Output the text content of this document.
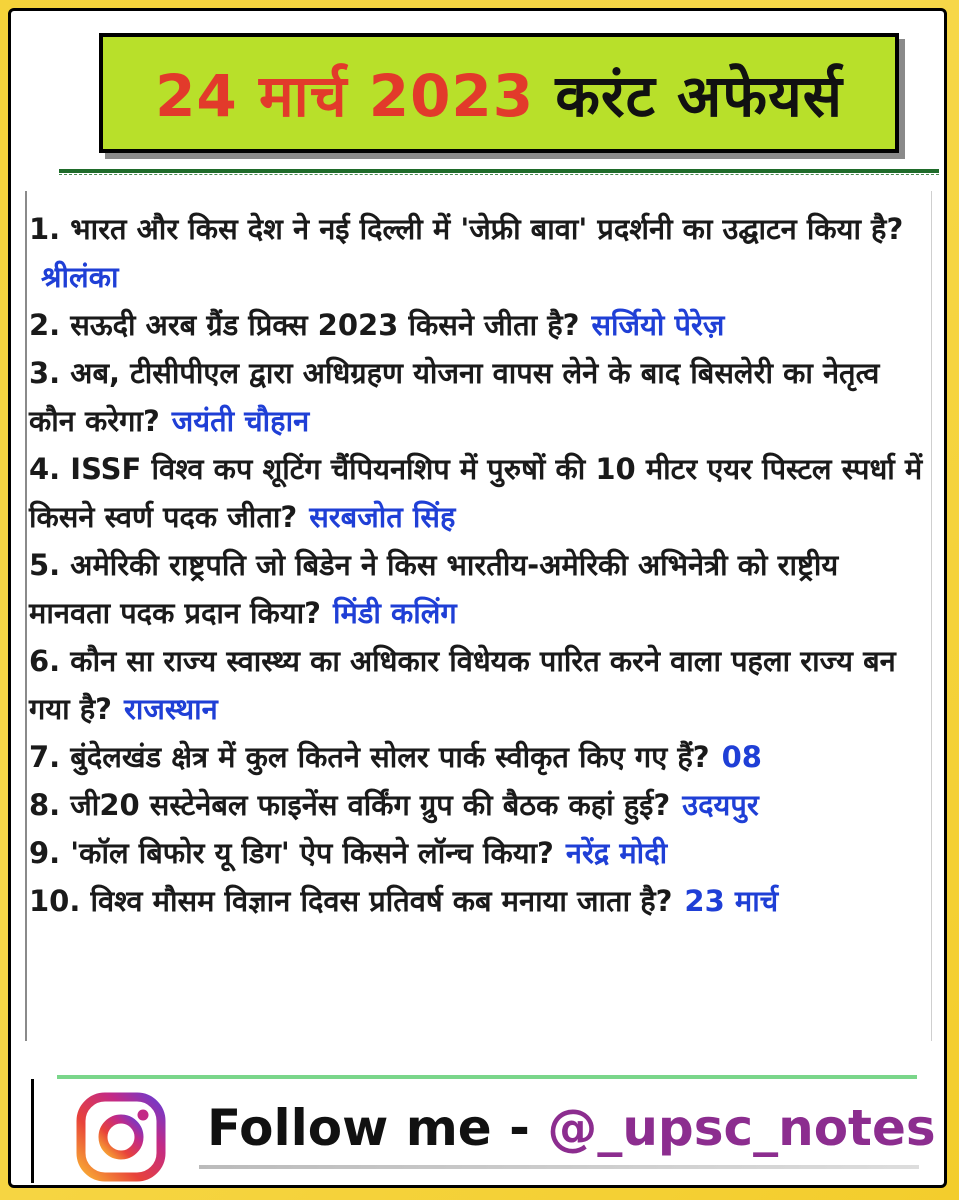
24 मार्च 2023 करंट अफेयर्स
1. भारत और किस देश ने नई दिल्ली में 'जेफ्री बावा' प्रदर्शनी का उद्घाटन किया है?श्रीलंका
2. सऊदी अरब ग्रैंड प्रिक्स 2023 किसने जीता है? सर्जियो पेरेज़
3. अब, टीसीपीएल द्वारा अधिग्रहण योजना वापस लेने के बाद बिसलेरी का नेतृत्व कौन करेगा? जयंती चौहान
4. ISSF विश्व कप शूटिंग चैंपियनशिप में पुरुषों की 10 मीटर एयर पिस्टल स्पर्धा में किसने स्वर्ण पदक जीता? सरबजोत सिंह
5. अमेरिकी राष्ट्रपति जो बिडेन ने किस भारतीय-अमेरिकी अभिनेत्री को राष्ट्रीय मानवता पदक प्रदान किया? मिंडी कलिंग
6. कौन सा राज्य स्वास्थ्य का अधिकार विधेयक पारित करने वाला पहला राज्य बन गया है? राजस्थान
7. बुंदेलखंड क्षेत्र में कुल कितने सोलर पार्क स्वीकृत किए गए हैं? 08
8. जी20 सस्टेनेबल फाइनेंस वर्किंग ग्रुप की बैठक कहां हुई? उदयपुर
9. 'कॉल बिफोर यू डिग' ऐप किसने लॉन्च किया? नरेंद्र मोदी
10. विश्व मौसम विज्ञान दिवस प्रतिवर्ष कब मनाया जाता है? 23 मार्च
Follow me - @_upsc_notes
